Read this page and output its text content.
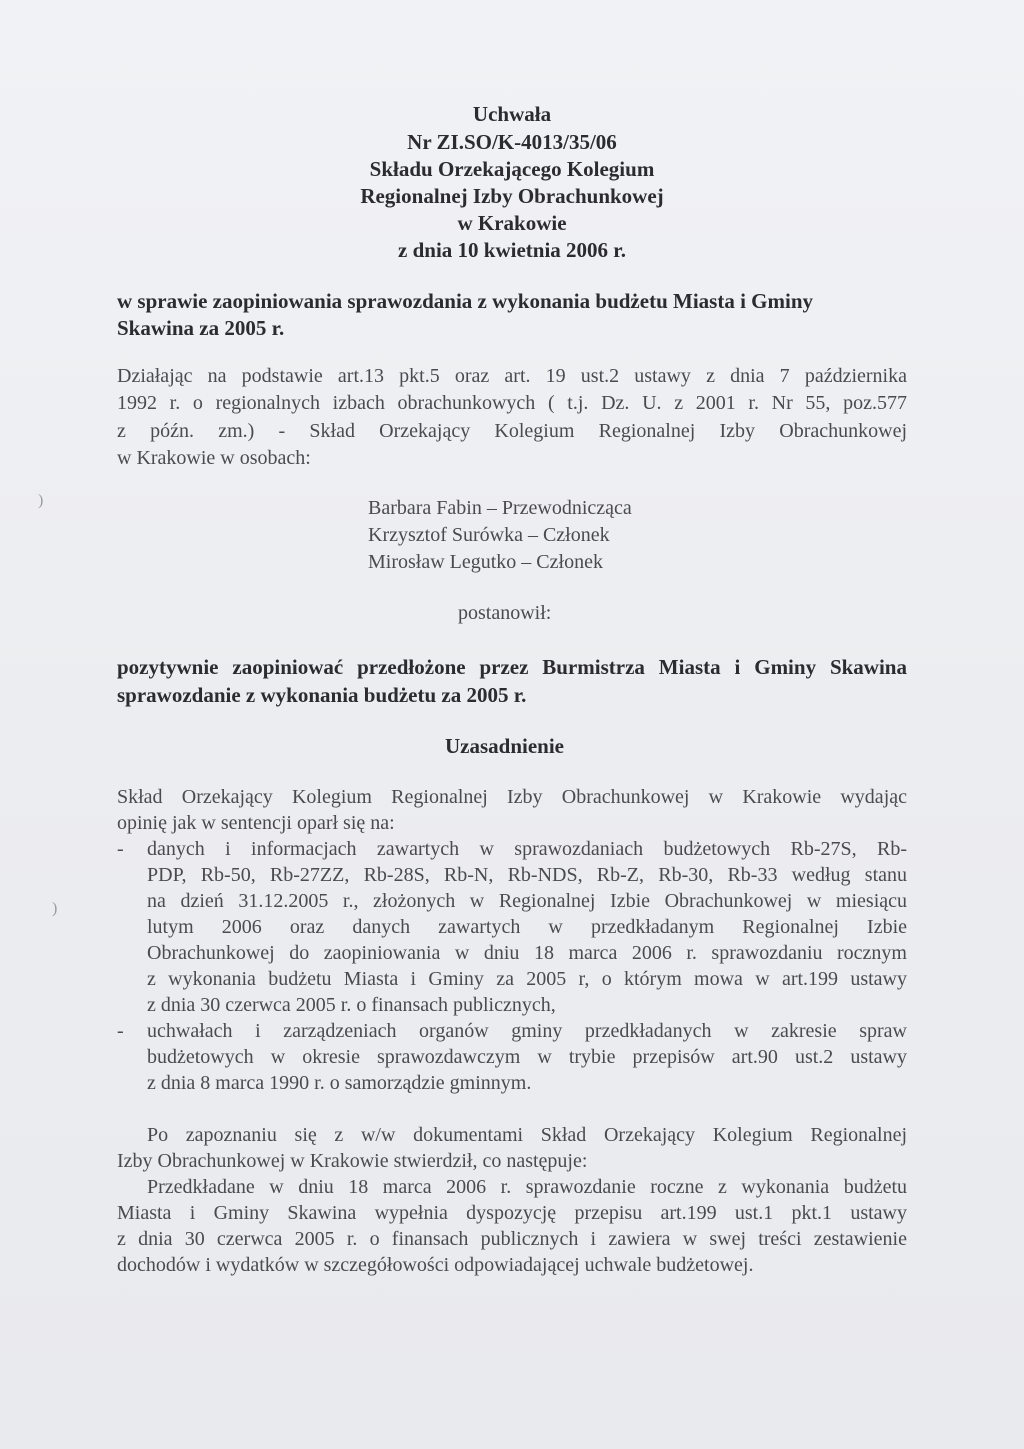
Uchwała
Nr ZI.SO/K-4013/35/06
Składu Orzekającego Kolegium
Regionalnej Izby Obrachunkowej
w Krakowie
z dnia 10 kwietnia 2006 r.
w sprawie zaopiniowania sprawozdania z wykonania budżetu Miasta i Gminy
Skawina za 2005 r.
Działając na podstawie art.13 pkt.5 oraz art. 19 ust.2 ustawy z dnia 7 października
1992 r. o regionalnych izbach obrachunkowych ( t.j. Dz. U. z 2001 r. Nr 55, poz.577
z późn. zm.) - Skład Orzekający Kolegium Regionalnej Izby Obrachunkowej
w Krakowie w osobach:
Barbara Fabin – Przewodnicząca
Krzysztof Surówka – Członek
Mirosław Legutko – Członek
postanowił:
pozytywnie zaopiniować przedłożone przez Burmistrza Miasta i Gminy Skawina
sprawozdanie z wykonania budżetu za 2005 r.
Uzasadnienie
Skład Orzekający Kolegium Regionalnej Izby Obrachunkowej w Krakowie wydając
opinię jak w sentencji oparł się na:
- danych i informacjach zawartych w sprawozdaniach budżetowych Rb-27S, Rb-
PDP, Rb-50, Rb-27ZZ, Rb-28S, Rb-N, Rb-NDS, Rb-Z, Rb-30, Rb-33 według stanu
na dzień 31.12.2005 r., złożonych w Regionalnej Izbie Obrachunkowej w miesiącu
lutym 2006 oraz danych zawartych w przedkładanym Regionalnej Izbie
Obrachunkowej do zaopiniowania w dniu 18 marca 2006 r. sprawozdaniu rocznym
z wykonania budżetu Miasta i Gminy za 2005 r, o którym mowa w art.199 ustawy
z dnia 30 czerwca 2005 r. o finansach publicznych,
- uchwałach i zarządzeniach organów gminy przedkładanych w zakresie spraw
budżetowych w okresie sprawozdawczym w trybie przepisów art.90 ust.2 ustawy
z dnia 8 marca 1990 r. o samorządzie gminnym.
Po zapoznaniu się z w/w dokumentami Skład Orzekający Kolegium Regionalnej
Izby Obrachunkowej w Krakowie stwierdził, co następuje:
Przedkładane w dniu 18 marca 2006 r. sprawozdanie roczne z wykonania budżetu
Miasta i Gminy Skawina wypełnia dyspozycję przepisu art.199 ust.1 pkt.1 ustawy
z dnia 30 czerwca 2005 r. o finansach publicznych i zawiera w swej treści zestawienie
dochodów i wydatków w szczegółowości odpowiadającej uchwale budżetowej.
)
)
